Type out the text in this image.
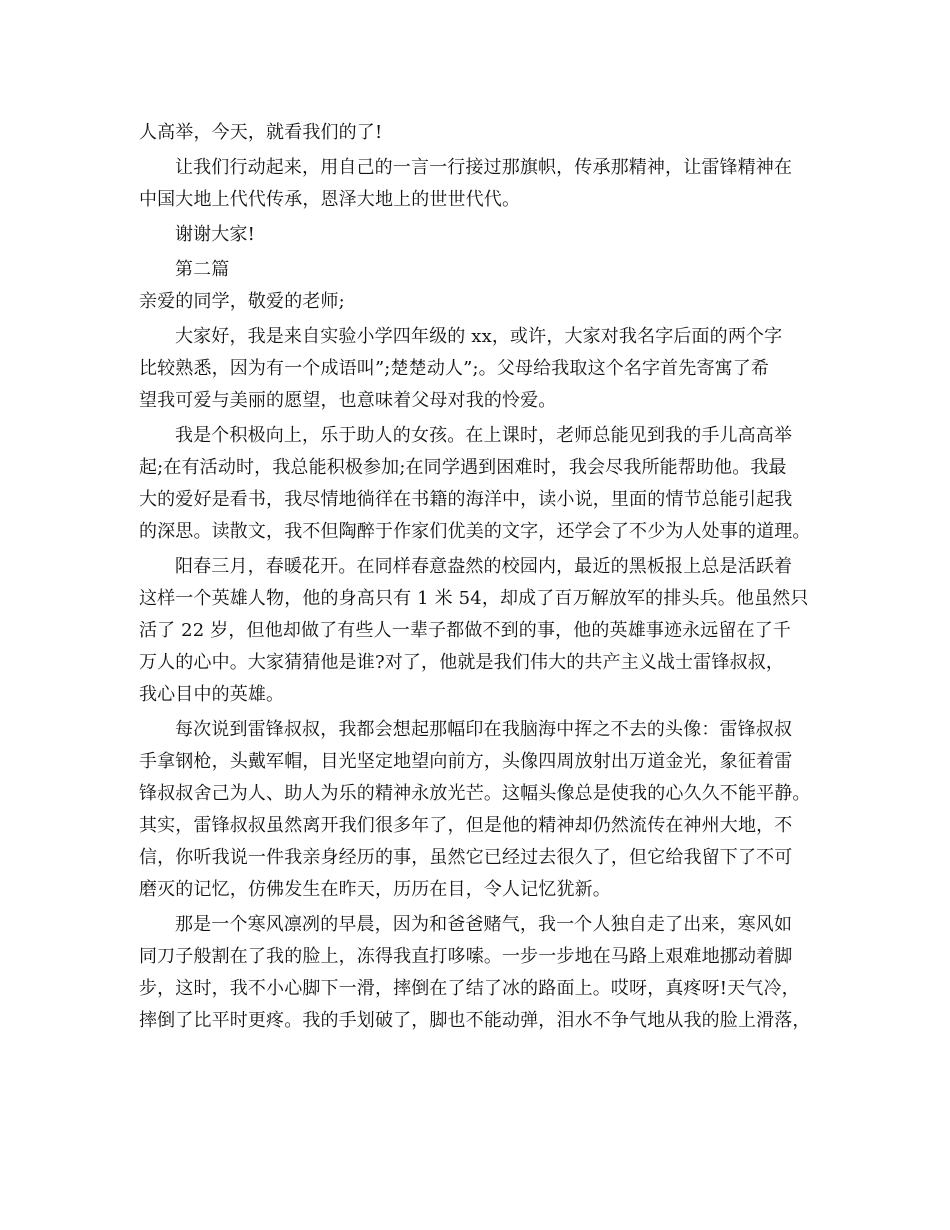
人高举，今天，就看我们的了!
让我们行动起来，用自己的一言一行接过那旗帜，传承那精神，让雷锋精神在
中国大地上代代传承，恩泽大地上的世世代代。
谢谢大家!
第二篇
亲爱的同学，敬爱的老师;
大家好，我是来自实验小学四年级的 xx，或许，大家对我名字后面的两个字
比较熟悉，因为有一个成语叫”;楚楚动人”;。父母给我取这个名字首先寄寓了希
望我可爱与美丽的愿望，也意味着父母对我的怜爱。
我是个积极向上，乐于助人的女孩。在上课时，老师总能见到我的手儿高高举
起;在有活动时，我总能积极参加;在同学遇到困难时，我会尽我所能帮助他。我最
大的爱好是看书，我尽情地徜徉在书籍的海洋中，读小说，里面的情节总能引起我
的深思。读散文，我不但陶醉于作家们优美的文字，还学会了不少为人处事的道理。
阳春三月，春暖花开。在同样春意盎然的校园内，最近的黑板报上总是活跃着
这样一个英雄人物，他的身高只有 1 米 54，却成了百万解放军的排头兵。他虽然只
活了 22 岁，但他却做了有些人一辈子都做不到的事，他的英雄事迹永远留在了千
万人的心中。大家猜猜他是谁?对了，他就是我们伟大的共产主义战士雷锋叔叔，
我心目中的英雄。
每次说到雷锋叔叔，我都会想起那幅印在我脑海中挥之不去的头像：雷锋叔叔
手拿钢枪，头戴军帽，目光坚定地望向前方，头像四周放射出万道金光，象征着雷
锋叔叔舍己为人、助人为乐的精神永放光芒。这幅头像总是使我的心久久不能平静。
其实，雷锋叔叔虽然离开我们很多年了，但是他的精神却仍然流传在神州大地，不
信，你听我说一件我亲身经历的事，虽然它已经过去很久了，但它给我留下了不可
磨灭的记忆，仿佛发生在昨天，历历在目，令人记忆犹新。
那是一个寒风凛冽的早晨，因为和爸爸赌气，我一个人独自走了出来，寒风如
同刀子般割在了我的脸上，冻得我直打哆嗦。一步一步地在马路上艰难地挪动着脚
步，这时，我不小心脚下一滑，摔倒在了结了冰的路面上。哎呀，真疼呀!天气冷，
摔倒了比平时更疼。我的手划破了，脚也不能动弹，泪水不争气地从我的脸上滑落，
